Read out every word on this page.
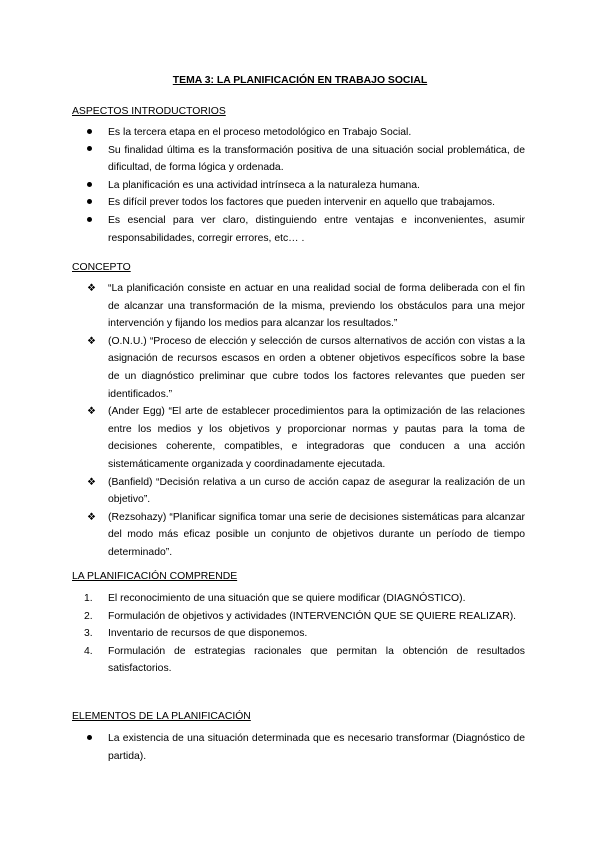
TEMA 3: LA PLANIFICACIÓN EN TRABAJO SOCIAL
ASPECTOS INTRODUCTORIOS
Es la tercera etapa en el proceso metodológico en Trabajo Social.
Su finalidad última es la transformación positiva de una situación social problemática, de dificultad, de forma lógica y ordenada.
La planificación es una actividad intrínseca a la naturaleza humana.
Es difícil prever todos los factores que pueden intervenir en aquello que trabajamos.
Es esencial para ver claro, distinguiendo entre ventajas e inconvenientes, asumir responsabilidades, corregir errores, etc… .
CONCEPTO
❖ “La planificación consiste en actuar en una realidad social de forma deliberada con el fin de alcanzar una transformación de la misma, previendo los obstáculos para una mejor intervención y fijando los medios para alcanzar los resultados.”
❖ (O.N.U.) “Proceso de elección y selección de cursos alternativos de acción con vistas a la asignación de recursos escasos en orden a obtener objetivos específicos sobre la base de un diagnóstico preliminar que cubre todos los factores relevantes que pueden ser identificados.”
❖ (Ander Egg) “El arte de establecer procedimientos para la optimización de las relaciones entre los medios y los objetivos y proporcionar normas y pautas para la toma de decisiones coherente, compatibles, e integradoras que conducen a una acción sistemáticamente organizada y coordinadamente ejecutada.
❖ (Banfield) “Decisión relativa a un curso de acción capaz de asegurar la realización de un objetivo”.
❖ (Rezsohazy) “Planificar significa tomar una serie de decisiones sistemáticas para alcanzar del modo más eficaz posible un conjunto de objetivos durante un período de tiempo determinado”.
LA PLANIFICACIÓN COMPRENDE
1.	El reconocimiento de una situación que se quiere modificar (DIAGNÓSTICO).
2.	Formulación de objetivos y actividades (INTERVENCIÓN QUE SE QUIERE REALIZAR).
3.	Inventario de recursos de que disponemos.
4.	Formulación de estrategias racionales que permitan la obtención de resultados satisfactorios.
ELEMENTOS DE LA PLANIFICACIÓN
La existencia de una situación determinada que es necesario transformar (Diagnóstico de partida).
